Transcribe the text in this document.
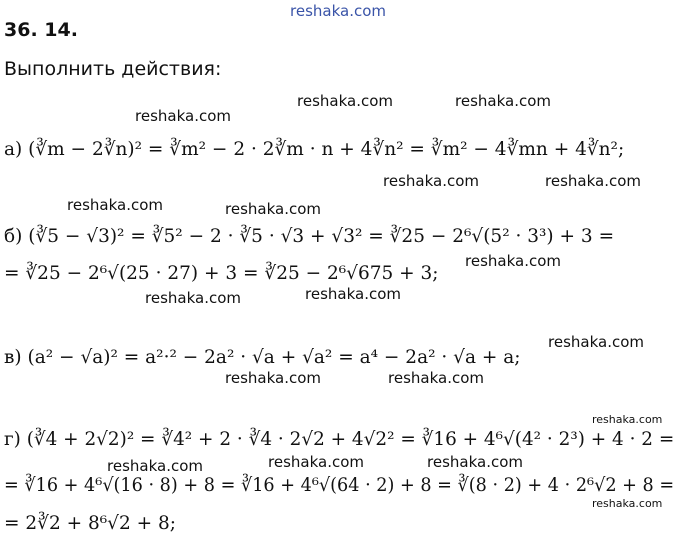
reshaka.com
36. 14.
Выполнить действия:
reshaka.com
reshaka.com	reshaka.com
reshaka.com	reshaka.com
reshaka.com	reshaka.com
reshaka.com
reshaka.com	reshaka.com
reshaka.com
reshaka.com	reshaka.com
reshaka.com
reshaka.com	reshaka.com	reshaka.com
reshaka.com
а) (∛m − 2∛n)² = ∛m² − 2 · 2∛m · n + 4∛n² = ∛m² − 4∛mn + 4∛n²;
б) (∛5 − √3)² = ∛5² − 2 · ∛5 · √3 + √3² = ∛25 − 2⁶√(5² · 3³) + 3 =
= ∛25 − 2⁶√(25 · 27) + 3 = ∛25 − 2⁶√675 + 3;
в) (a² − √a)² = a²·² − 2a² · √a + √a² = a⁴ − 2a² · √a + a;
г) (∛4 + 2√2)² = ∛4² + 2 · ∛4 · 2√2 + 4√2² = ∛16 + 4⁶√(4² · 2³) + 4 · 2 =
= ∛16 + 4⁶√(16 · 8) + 8 = ∛16 + 4⁶√(64 · 2) + 8 = ∛(8 · 2) + 4 · 2⁶√2 + 8 =
= 2∛2 + 8⁶√2 + 8;
